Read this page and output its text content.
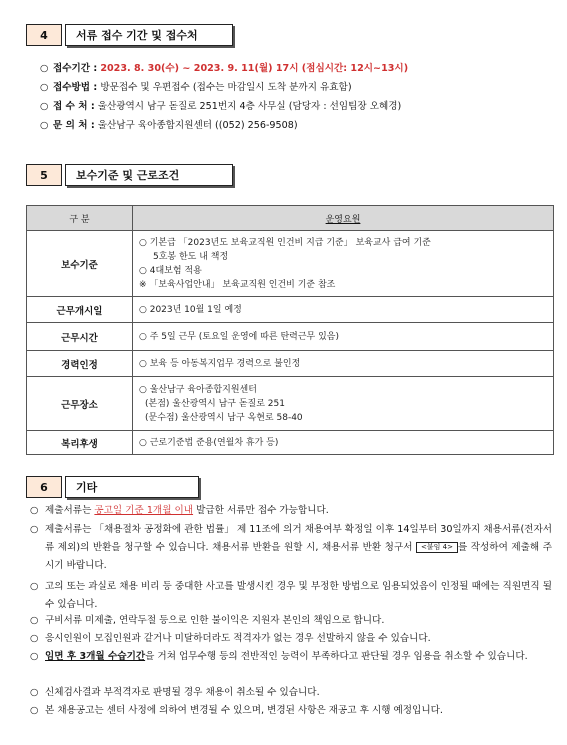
4	서류 접수 기간 및 접수처
○ 접수기간 : 2023. 8. 30(수) ~ 2023. 9. 11(월) 17시 (점심시간: 12시~13시)
○ 접수방법 : 방문접수 및 우편접수 (접수는 마감일시 도착 분까지 유효함)
○ 접 수 처 : 울산광역시 남구 돋질로 251번지 4층 사무실 (담당자 : 선임팀장 오혜경)
○ 문 의 처 : 울산남구 육아종합지원센터 ((052) 256-9508)
5	보수기준 및 근로조건
구 분	운영요원
보수기준	○ 기본급 「2023년도 보육교직원 인건비 지급 기준」 보육교사 급여 기준
5호봉 한도 내 책정
○ 4대보험 적용
※ 「보육사업안내」 보육교직원 인건비 기준 참조

근무개시일	○ 2023년 10월 1일 예정
근무시간	○ 주 5일 근무 (토요일 운영에 따른 탄력근무 있음)
경력인정	○ 보육 등 아동복지업무 경력으로 불인정
근무장소	○ 울산남구 육아종합지원센터
(본점) 울산광역시 남구 돋질로 251
(문수점) 울산광역시 남구 옥현로 58-40

복리후생	○ 근로기준법 준용(연월차 휴가 등)
6	기타
○ 제출서류는 공고일 기준 1개월 이내 발급한 서류만 접수 가능합니다.
○ 제출서류는 「채용절차 공정화에 관한 법률」 제 11조에 의거 채용여부 확정일 이후 14일부터 30일까지 채용서류(전자서류 제외)의 반환을 청구할 수 있습니다. 채용서류 반환을 원할 시, 채용서류 반환 청구서 <붙임 4> 를 작성하여 제출해 주시기 바랍니다.
○ 고의 또는 과실로 채용 비리 등 중대한 사고를 발생시킨 경우 및 부정한 방법으로 임용되었음이 인정될 때에는 직원면직 될 수 있습니다.
○ 구비서류 미제출, 연락두절 등으로 인한 불이익은 지원자 본인의 책임으로 합니다.
○ 응시인원이 모집인원과 같거나 미달하더라도 적격자가 없는 경우 선발하지 않을 수 있습니다.
○ 임면 후 3개월 수습기간을 거쳐 업무수행 등의 전반적인 능력이 부족하다고 판단될 경우 임용을 취소할 수 있습니다.
○ 신체검사결과 부적격자로 판명될 경우 채용이 취소될 수 있습니다.
○ 본 채용공고는 센터 사정에 의하여 변경될 수 있으며, 변경된 사항은 재공고 후 시행 예정입니다.
